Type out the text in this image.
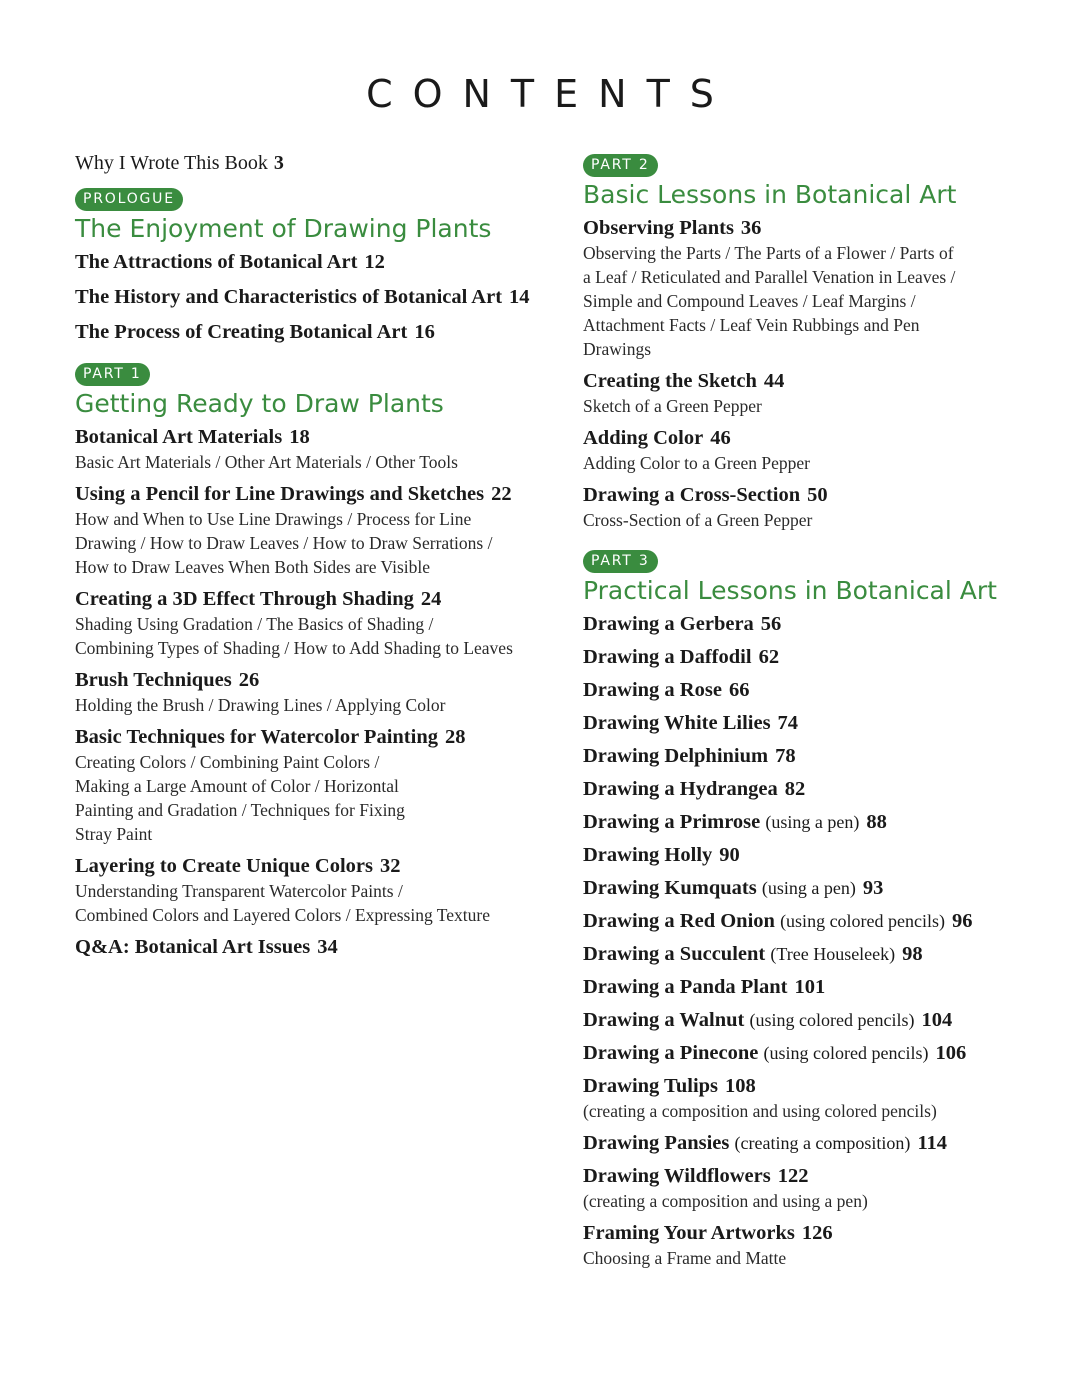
CONTENTS
Why I Wrote This Book 3
PROLOGUE
The Enjoyment of Drawing Plants
The Attractions of Botanical Art 12
The History and Characteristics of Botanical Art 14
The Process of Creating Botanical Art 16
PART 1
Getting Ready to Draw Plants
Botanical Art Materials 18
Basic Art Materials / Other Art Materials / Other Tools
Using a Pencil for Line Drawings and Sketches 22
How and When to Use Line Drawings / Process for Line
Drawing / How to Draw Leaves / How to Draw Serrations /
How to Draw Leaves When Both Sides are Visible
Creating a 3D Effect Through Shading 24
Shading Using Gradation / The Basics of Shading /
Combining Types of Shading / How to Add Shading to Leaves
Brush Techniques 26
Holding the Brush / Drawing Lines / Applying Color
Basic Techniques for Watercolor Painting 28
Creating Colors / Combining Paint Colors /
Making a Large Amount of Color / Horizontal
Painting and Gradation / Techniques for Fixing
Stray Paint
Layering to Create Unique Colors 32
Understanding Transparent Watercolor Paints /
Combined Colors and Layered Colors / Expressing Texture
Q&A: Botanical Art Issues 34
PART 2
Basic Lessons in Botanical Art
Observing Plants 36
Observing the Parts / The Parts of a Flower / Parts of
a Leaf / Reticulated and Parallel Venation in Leaves /
Simple and Compound Leaves / Leaf Margins /
Attachment Facts / Leaf Vein Rubbings and Pen
Drawings
Creating the Sketch 44
Sketch of a Green Pepper
Adding Color 46
Adding Color to a Green Pepper
Drawing a Cross-Section 50
Cross-Section of a Green Pepper
PART 3
Practical Lessons in Botanical Art
Drawing a Gerbera 56
Drawing a Daffodil 62
Drawing a Rose 66
Drawing White Lilies 74
Drawing Delphinium 78
Drawing a Hydrangea 82
Drawing a Primrose (using a pen) 88
Drawing Holly 90
Drawing Kumquats (using a pen) 93
Drawing a Red Onion (using colored pencils) 96
Drawing a Succulent (Tree Houseleek) 98
Drawing a Panda Plant 101
Drawing a Walnut (using colored pencils) 104
Drawing a Pinecone (using colored pencils) 106
Drawing Tulips 108
(creating a composition and using colored pencils)
Drawing Pansies (creating a composition) 114
Drawing Wildflowers 122
(creating a composition and using a pen)
Framing Your Artworks 126
Choosing a Frame and Matte
